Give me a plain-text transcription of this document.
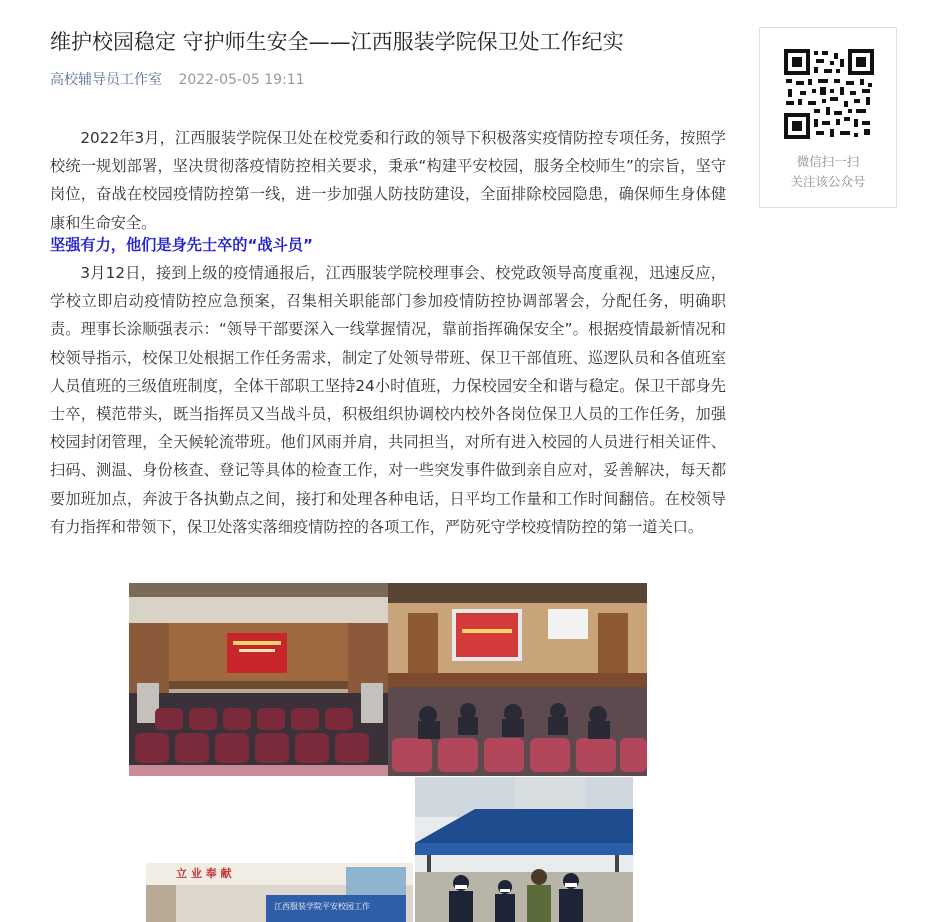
维护校园稳定 守护师生安全——江西服装学院保卫处工作纪实
高校辅导员工作室 2022-05-05 19:11

2022年3月，江西服装学院保卫处在校党委和行政的领导下积极落实疫情防控专项任务，按照学校统一规划部署，坚决贯彻落疫情防控相关要求，秉承“构建平安校园，服务全校师生”的宗旨，坚守岗位，奋战在校园疫情防控第一线，进一步加强人防技防建设，全面排除校园隐患，确保师生身体健康和生命安全。

坚强有力，他们是身先士卒的“战斗员”

3月12日，接到上级的疫情通报后，江西服装学院校理事会、校党政领导高度重视，迅速反应，学校立即启动疫情防控应急预案，召集相关职能部门参加疫情防控协调部署会，分配任务，明确职责。理事长涂顺强表示：“领导干部要深入一线掌握情况，靠前指挥确保安全”。根据疫情最新情况和校领导指示，校保卫处根据工作任务需求，制定了处领导带班、保卫干部值班、巡逻队员和各值班室人员值班的三级值班制度，全体干部职工坚持24小时值班，力保校园安全和谐与稳定。保卫干部身先士卒，模范带头，既当指挥员又当战斗员，积极组织协调校内校外各岗位保卫人员的工作任务，加强校园封闭管理，全天候轮流带班。他们风雨并肩，共同担当，对所有进入校园的人员进行相关证件、扫码、测温、身份核查、登记等具体的检查工作，对一些突发事件做到亲自应对，妥善解决，每天都要加班加点，奔波于各执勤点之间，接打和处理各种电话，日平均工作量和工作时间翻倍。在校领导有力指挥和带领下，保卫处落实落细疫情防控的各项工作，严防死守学校疫情防控的第一道关口。

微信扫一扫
关注该公众号
立 业 奉 献
江西服装学院平安校园工作
